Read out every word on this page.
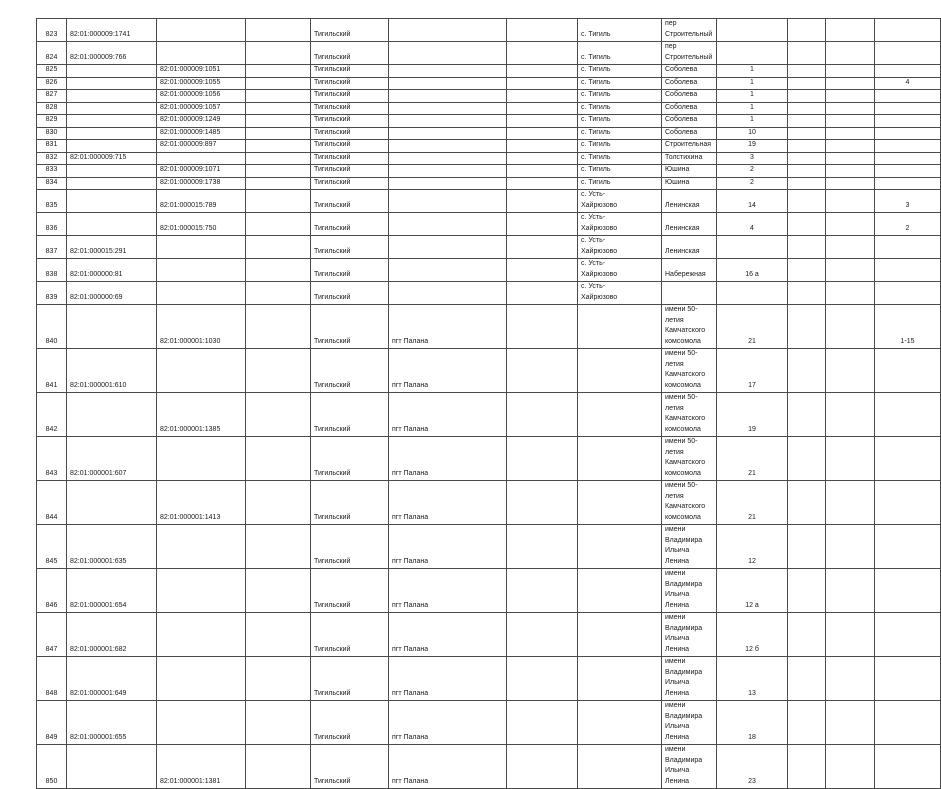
823	82:01:000009:1741			Тигильский			с. Тигиль	пер Строительный				
824	82:01:000009:766			Тигильский			с. Тигиль	пер Строительный				
825		82:01:000009:1051		Тигильский			с. Тигиль	Соболева	1			
826		82:01:000009:1055		Тигильский			с. Тигиль	Соболева	1			4
827		82:01:000009:1056		Тигильский			с. Тигиль	Соболева	1			
828		82:01:000009:1057		Тигильский			с. Тигиль	Соболева	1			
829		82:01:000009:1249		Тигильский			с. Тигиль	Соболева	1			
830		82:01:000009:1485		Тигильский			с. Тигиль	Соболева	10			
831		82:01:000009:897		Тигильский			с. Тигиль	Строительная	19			
832	82:01:000009:715			Тигильский			с. Тигиль	Толстихина	3			
833		82:01:000009:1071		Тигильский			с. Тигиль	Юшина	2			
834		82:01:000009:1738		Тигильский			с. Тигиль	Юшина	2			
835		82:01:000015:789		Тигильский			с. Усть-
Хайрюзово	Ленинская	14			3
836		82:01:000015:750		Тигильский			с. Усть-
Хайрюзово	Ленинская	4			2
837	82:01:000015:291			Тигильский			с. Усть-
Хайрюзово	Ленинская				
838	82:01:000000:81			Тигильский			с. Усть-
Хайрюзово	Набережная	16 а			
839	82:01:000000:69			Тигильский			с. Усть-
Хайрюзово					
840		82:01:000001:1030		Тигильский	пгт Палана			имени 50-летия
Камчатского
комсомола	21			1-15
841	82:01:000001:610			Тигильский	пгт Палана			имени 50-летия
Камчатского
комсомола	17			
842		82:01:000001:1385		Тигильский	пгт Палана			имени 50-летия
Камчатского
комсомола	19			
843	82:01:000001:607			Тигильский	пгт Палана			имени 50-летия
Камчатского
комсомола	21			
844		82:01:000001:1413		Тигильский	пгт Палана			имени 50-летия
Камчатского
комсомола	21			
845	82:01:000001:635			Тигильский	пгт Палана			имени Владимира
Ильича Ленина	12			
846	82:01:000001:654			Тигильский	пгт Палана			имени Владимира
Ильича Ленина	12 а			
847	82:01:000001:682			Тигильский	пгт Палана			имени Владимира
Ильича Ленина	12 б			
848	82:01:000001:649			Тигильский	пгт Палана			имени Владимира
Ильича Ленина	13			
849	82:01:000001:655			Тигильский	пгт Палана			имени Владимира
Ильича Ленина	18			
850		82:01:000001:1381		Тигильский	пгт Палана			имени Владимира
Ильича Ленина	23			
